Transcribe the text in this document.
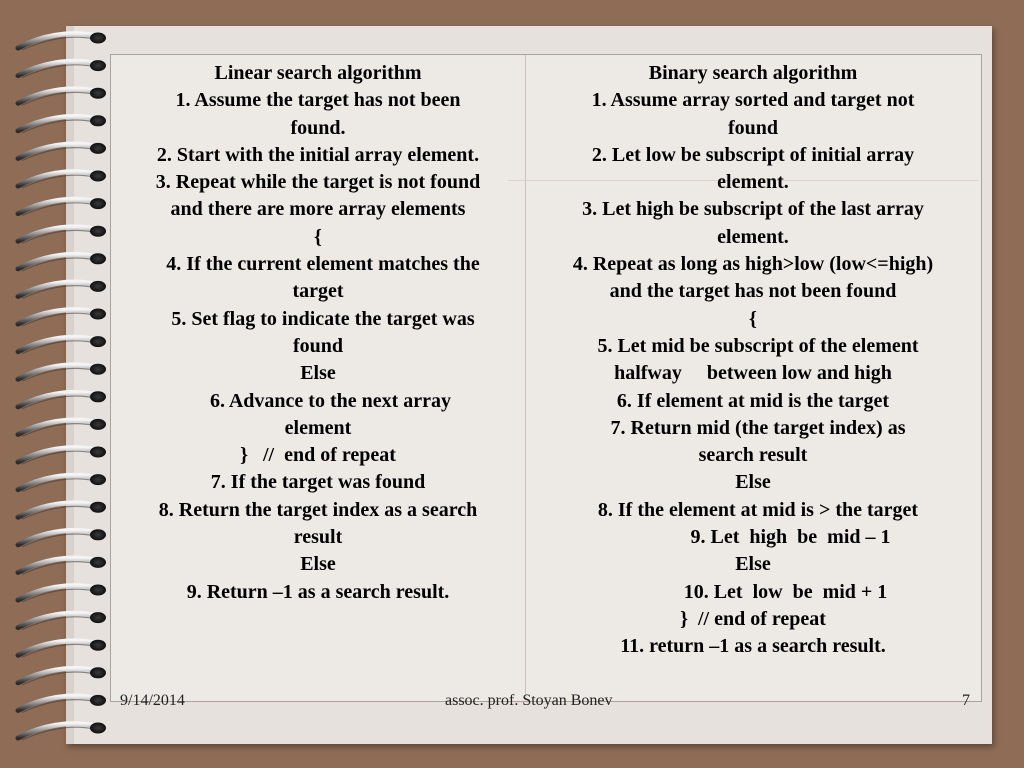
Linear search algorithm
1. Assume the target has not been
found.
2. Start with the initial array element.
3. Repeat while the target is not found
and there are more array elements
{
4. If the current element matches the
target
5. Set flag to indicate the target was
found
Else
6. Advance to the next array
element
}   //  end of repeat
7. If the target was found
8. Return the target index as a search
result
Else
9. Return –1 as a search result.
Binary search algorithm
1. Assume array sorted and target not
found
2. Let low be subscript of initial array
element.
3. Let high be subscript of the last array
element.
4. Repeat as long as high>low (low<=high)
and the target has not been found
{
5. Let mid be subscript of the element
halfway     between low and high
6. If element at mid is the target
7. Return mid (the target index) as
search result
Else
8. If the element at mid is > the target
9. Let  high  be  mid – 1
Else
10. Let  low  be  mid + 1
}  // end of repeat
11. return –1 as a search result.
9/14/2014	assoc. prof. Stoyan Bonev	7
